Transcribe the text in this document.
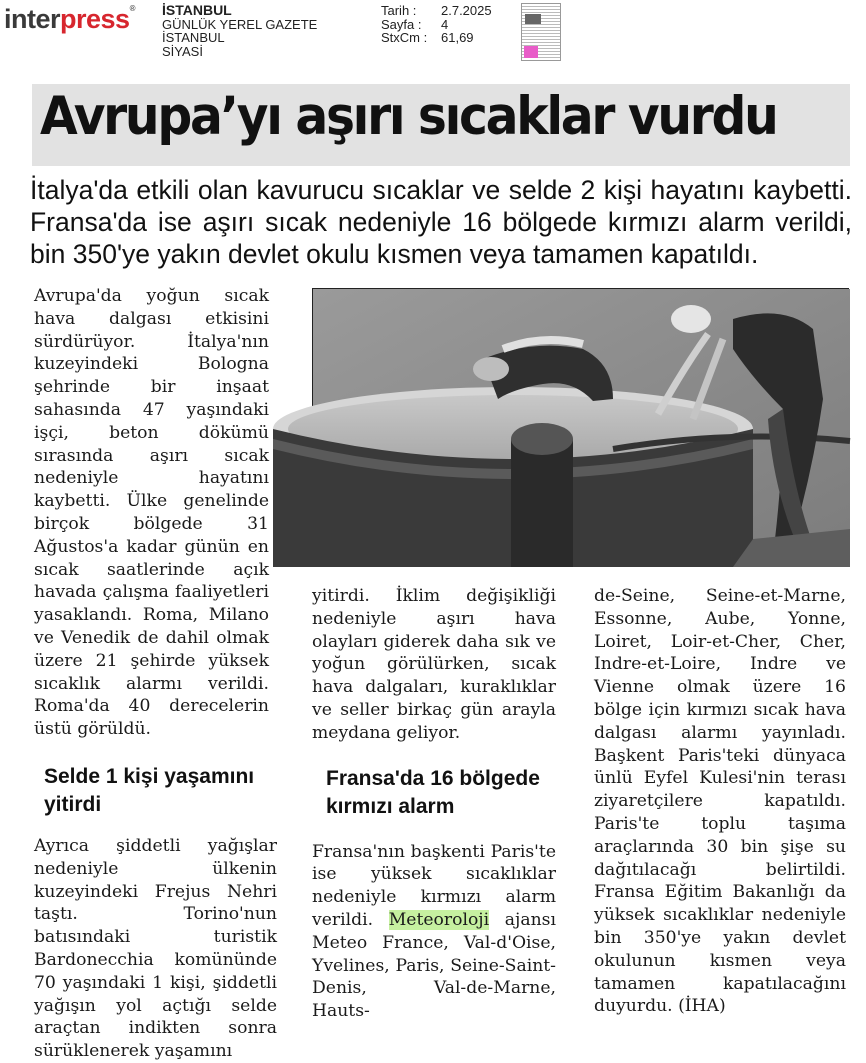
interpress® İSTANBUL
GÜNLÜK YEREL GAZETE
İSTANBUL
SİYASİ
Tarih :	2.7.2025
Sayfa :	4
StxCm :	61,69
Avrupa’yı aşırı sıcaklar vurdu

İtalya'da etkili olan kavurucu sıcaklar ve selde 2 kişi hayatını kaybetti. Fransa'da ise aşırı sıcak nedeniyle 16 bölgede kırmızı alarm verildi, bin 350'ye yakın devlet okulu kısmen veya tamamen kapatıldı.

Avrupa'da yoğun sıcak hava dalgası etkisini sürdürüyor. İtalya'nın kuzeyindeki Bologna şehrinde bir inşaat sahasında 47 yaşındaki işçi, beton dökümü sırasında aşırı sıcak nedeniyle hayatını kaybetti. Ülke genelinde birçok bölgede 31 Ağustos'a kadar günün en sıcak saatlerinde açık havada çalışma faaliyetleri yasaklandı. Roma, Milano ve Venedik de dahil olmak üzere 21 şehirde yüksek sıcaklık alarmı verildi. Roma'da 40 derecelerin üstü görüldü.

Selde 1 kişi yaşamını yitirdi

Ayrıca şiddetli yağışlar nedeniyle ülkenin kuzeyindeki Frejus Nehri taştı. Torino'nun batısındaki turistik Bardonecchia komününde 70 yaşındaki 1 kişi, şiddetli yağışın yol açtığı selde araçtan indikten sonra sürüklenerek yaşamını

yitirdi. İklim değişikliği nedeniyle aşırı hava olayları giderek daha sık ve yoğun görülürken, sıcak hava dalgaları, kuraklıklar ve seller birkaç gün arayla meydana geliyor.

Fransa'da 16 bölgede kırmızı alarm

Fransa'nın başkenti Paris'te ise yüksek sıcaklıklar nedeniyle kırmızı alarm verildi. Meteoroloji ajansı Meteo France, Val-d'Oise, Yvelines, Paris, Seine-Saint-Denis, Val-de-Marne, Hauts-

de-Seine, Seine-et-Marne, Essonne, Aube, Yonne, Loiret, Loir-et-Cher, Cher, Indre-et-Loire, Indre ve Vienne olmak üzere 16 bölge için kırmızı sıcak hava dalgası alarmı yayınladı. Başkent Paris'teki dünyaca ünlü Eyfel Kulesi'nin terası ziyaretçilere kapatıldı. Paris'te toplu taşıma araçlarında 30 bin şişe su dağıtılacağı belirtildi. Fransa Eğitim Bakanlığı da yüksek sıcaklıklar nedeniyle bin 350'ye yakın devlet okulunun kısmen veya tamamen kapatılacağını duyurdu. (İHA)
